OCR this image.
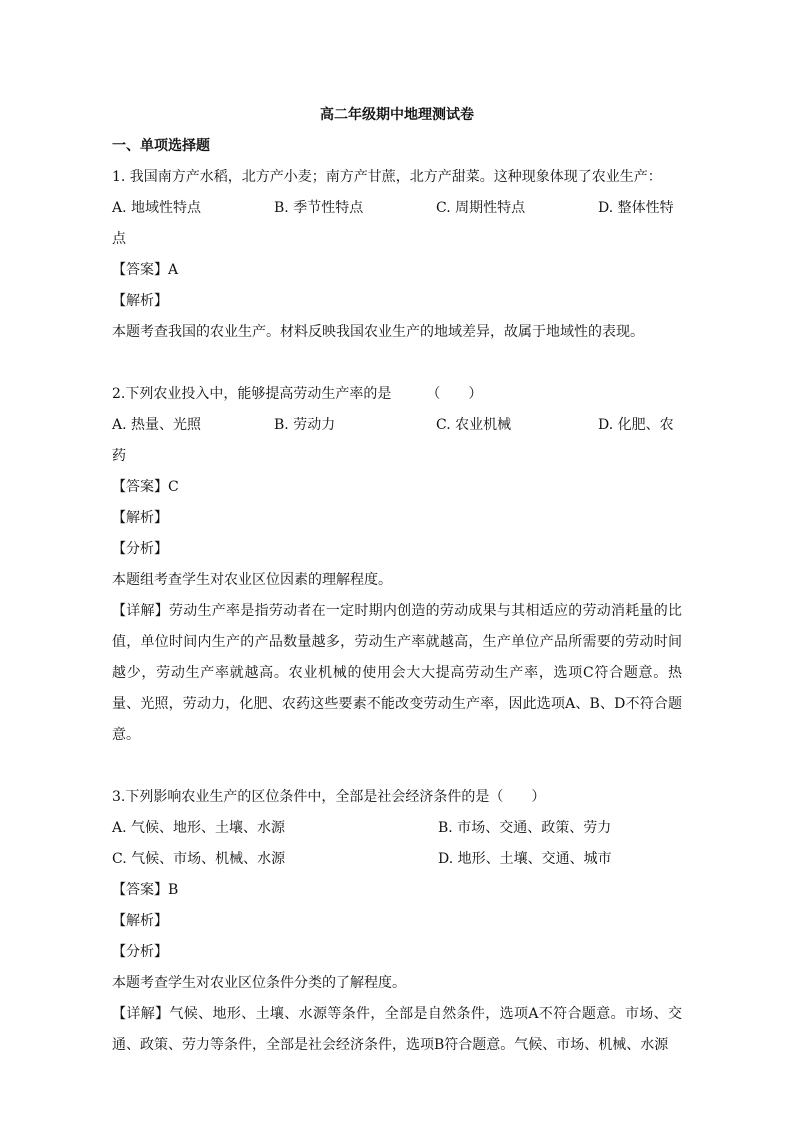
高二年级期中地理测试卷
一、单项选择题
1. 我国南方产水稻，北方产小麦；南方产甘蔗，北方产甜菜。这种现象体现了农业生产：
A. 地域性特点	B. 季节性特点	C. 周期性特点	D. 整体性特
点
【答案】A
【解析】
本题考查我国的农业生产。材料反映我国农业生产的地域差异，故属于地域性的表现。
2.下列农业投入中，能够提高劳动生产率的是　　　（　　）
A. 热量、光照	B. 劳动力	C. 农业机械	D. 化肥、农
药
【答案】C
【解析】
【分析】
本题组考查学生对农业区位因素的理解程度。
【详解】劳动生产率是指劳动者在一定时期内创造的劳动成果与其相适应的劳动消耗量的比值，单位时间内生产的产品数量越多，劳动生产率就越高，生产单位产品所需要的劳动时间越少，劳动生产率就越高。农业机械的使用会大大提高劳动生产率，选项C符合题意。热量、光照，劳动力，化肥、农药这些要素不能改变劳动生产率，因此选项A、B、D不符合题意。
3.下列影响农业生产的区位条件中，全部是社会经济条件的是（　　）
A. 气候、地形、土壤、水源	B. 市场、交通、政策、劳力
C. 气候、市场、机械、水源	D. 地形、土壤、交通、城市
【答案】B
【解析】
【分析】
本题考查学生对农业区位条件分类的了解程度。
【详解】气候、地形、土壤、水源等条件，全部是自然条件，选项A不符合题意。市场、交通、政策、劳力等条件，全部是社会经济条件，选项B符合题意。气候、市场、机械、水源
